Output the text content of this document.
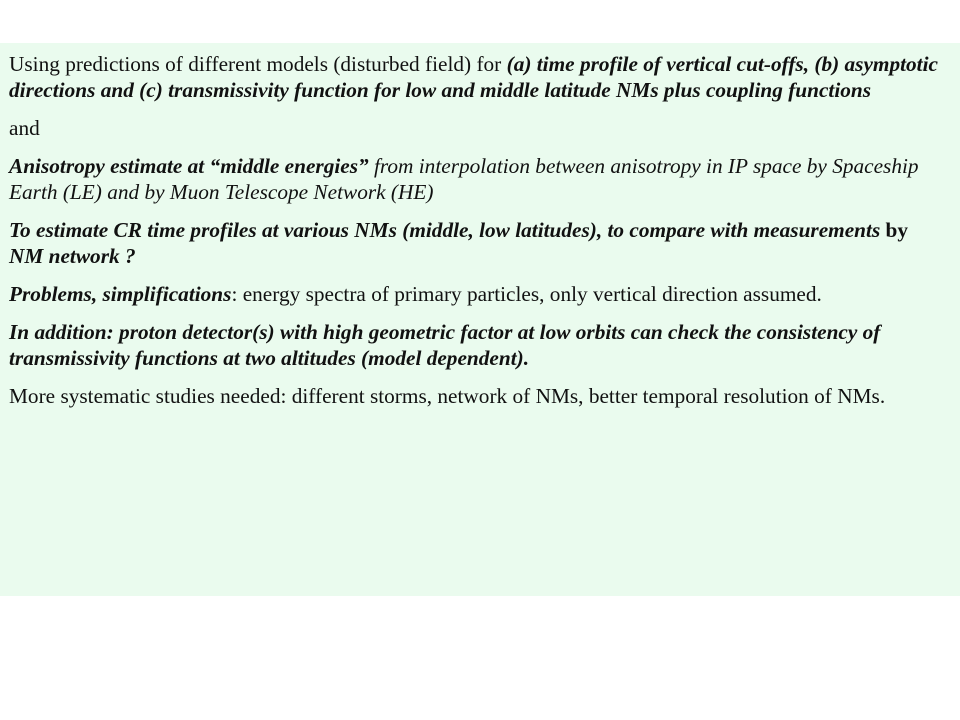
Using predictions of different models (disturbed field) for (a) time profile of vertical cut-offs, (b) asymptotic directions and (c) transmissivity function for low and middle latitude NMs plus coupling functions

and

Anisotropy estimate at “middle energies” from interpolation between anisotropy in IP space by Spaceship Earth (LE) and by Muon Telescope Network (HE)

To estimate CR time profiles at various NMs (middle, low latitudes), to compare with measurements by NM network ?

Problems, simplifications: energy spectra of primary particles, only vertical direction assumed.

In addition: proton detector(s) with high geometric factor at low orbits can check the consistency of transmissivity functions at two altitudes (model dependent).

More systematic studies needed: different storms, network of NMs, better temporal resolution of NMs.
